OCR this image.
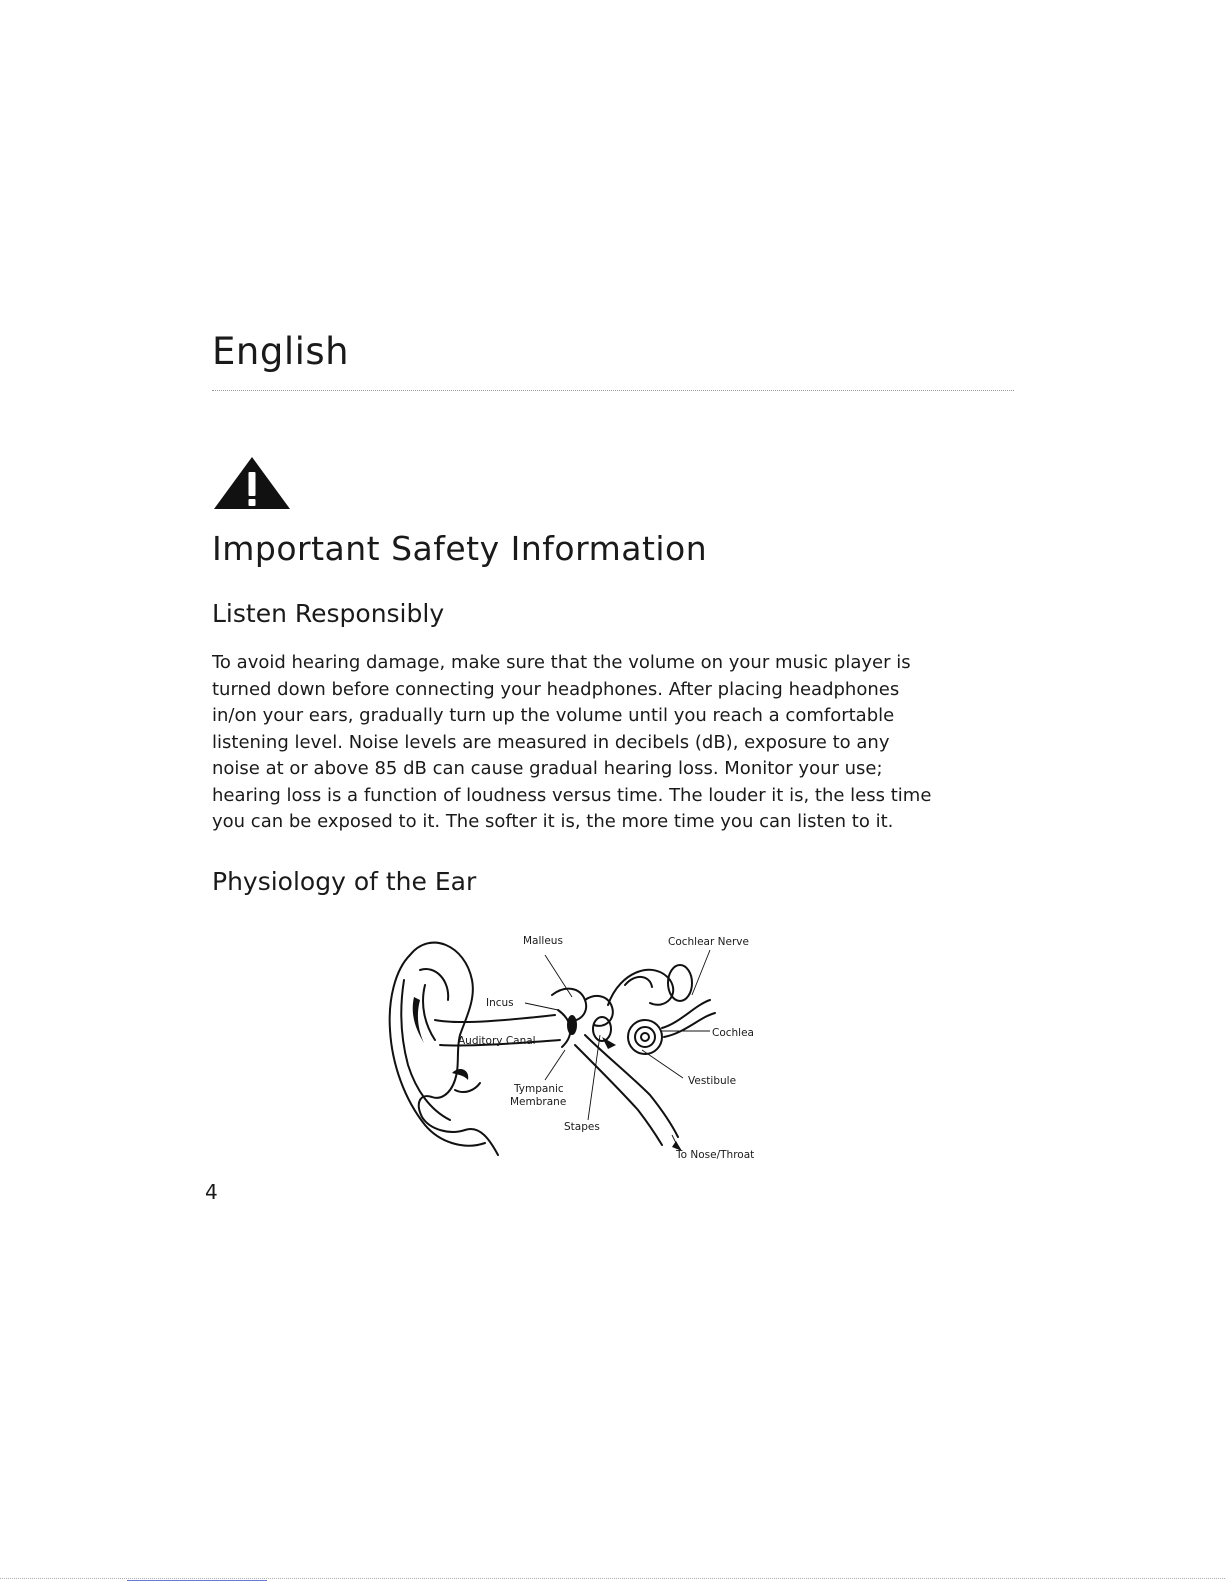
English
Important Safety Information
Listen Responsibly

To avoid hearing damage, make sure that the volume on your music player is
turned down before connecting your headphones. After placing headphones
in/on your ears, gradually turn up the volume until you reach a comfortable
listening level. Noise levels are measured in decibels (dB), exposure to any
noise at or above 85 dB can cause gradual hearing loss. Monitor your use;
hearing loss is a function of loudness versus time. The louder it is, the less time
you can be exposed to it. The softer it is, the more time you can listen to it.

Physiology of the Ear
Malleus	Cochlear Nerve
Incus
Auditory Canal
Cochlea
Vestibule
Tympanic
Membrane
Stapes
To Nose/Throat
4
